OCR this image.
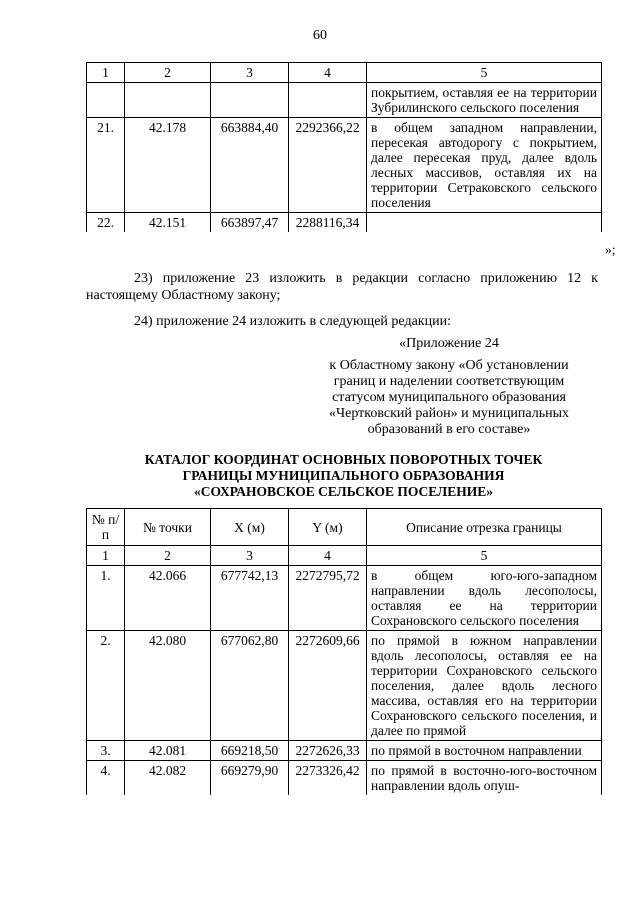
60
1	2	3	4	5
				покрытием, оставляя ее на территории Зубрилинского сельского поселения
21.	42.178	663884,40	2292366,22	в общем западном направлении, пересекая автодорогу с покрытием, далее пересекая пруд, далее вдоль лесных массивов, оставляя их на территории Сетраковского сельского поселения
22.	42.151	663897,47	2288116,34	
»;
23) приложение 23 изложить в редакции согласно приложению 12 к настоящему Областному закону;
24) приложение 24 изложить в следующей редакции:
«Приложение 24
к Областному закону «Об установлении границ и наделении соответствующим статусом муниципального образования «Чертковский район» и муниципальных образований в его составе»
КАТАЛОГ КООРДИНАТ ОСНОВНЫХ ПОВОРОТНЫХ ТОЧЕК
ГРАНИЦЫ МУНИЦИПАЛЬНОГО ОБРАЗОВАНИЯ
«СОХРАНОВСКОЕ СЕЛЬСКОЕ ПОСЕЛЕНИЕ»
№ п/п	№ точки	X (м)	Y (м)	Описание отрезка границы
1	2	3	4	5
1.	42.066	677742,13	2272795,72	в общем юго-юго-западном направлении вдоль лесополосы, оставляя ее на территории Сохрановского сельского поселения
2.	42.080	677062,80	2272609,66	по прямой в южном направлении вдоль лесополосы, оставляя ее на территории Сохрановского сельского поселения, далее вдоль лесного массива, оставляя его на территории Сохрановского сельского поселения, и далее по прямой
3.	42.081	669218,50	2272626,33	по прямой в восточном направлении
4.	42.082	669279,90	2273326,42	по прямой в восточно-юго-восточном направлении вдоль опуш-
